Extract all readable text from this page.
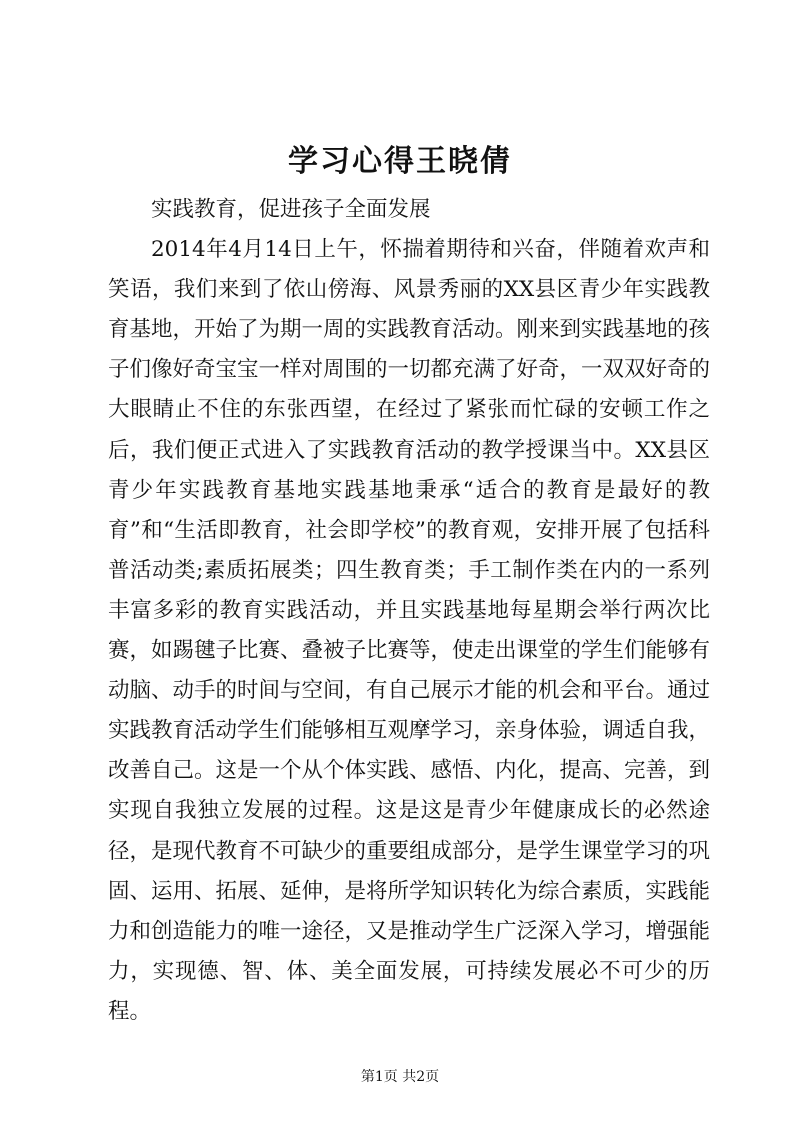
学习心得王晓倩

实践教育，促进孩子全面发展

2014年4月14日上午，怀揣着期待和兴奋，伴随着欢声和笑语，我们来到了依山傍海、风景秀丽的XX县区青少年实践教育基地，开始了为期一周的实践教育活动。刚来到实践基地的孩子们像好奇宝宝一样对周围的一切都充满了好奇，一双双好奇的大眼睛止不住的东张西望，在经过了紧张而忙碌的安顿工作之后，我们便正式进入了实践教育活动的教学授课当中。XX县区青少年实践教育基地实践基地秉承“适合的教育是最好的教育”和“生活即教育，社会即学校”的教育观，安排开展了包括科普活动类;素质拓展类；四生教育类；手工制作类在内的一系列丰富多彩的教育实践活动，并且实践基地每星期会举行两次比赛，如踢毽子比赛、叠被子比赛等，使走出课堂的学生们能够有动脑、动手的时间与空间，有自己展示才能的机会和平台。通过实践教育活动学生们能够相互观摩学习，亲身体验，调适自我，改善自己。这是一个从个体实践、感悟、内化，提高、完善，到实现自我独立发展的过程。这是这是青少年健康成长的必然途径，是现代教育不可缺少的重要组成部分，是学生课堂学习的巩固、运用、拓展、延伸，是将所学知识转化为综合素质，实践能力和创造能力的唯一途径，又是推动学生广泛深入学习，增强能力，实现德、智、体、美全面发展，可持续发展必不可少的历程。

第1页 共2页
